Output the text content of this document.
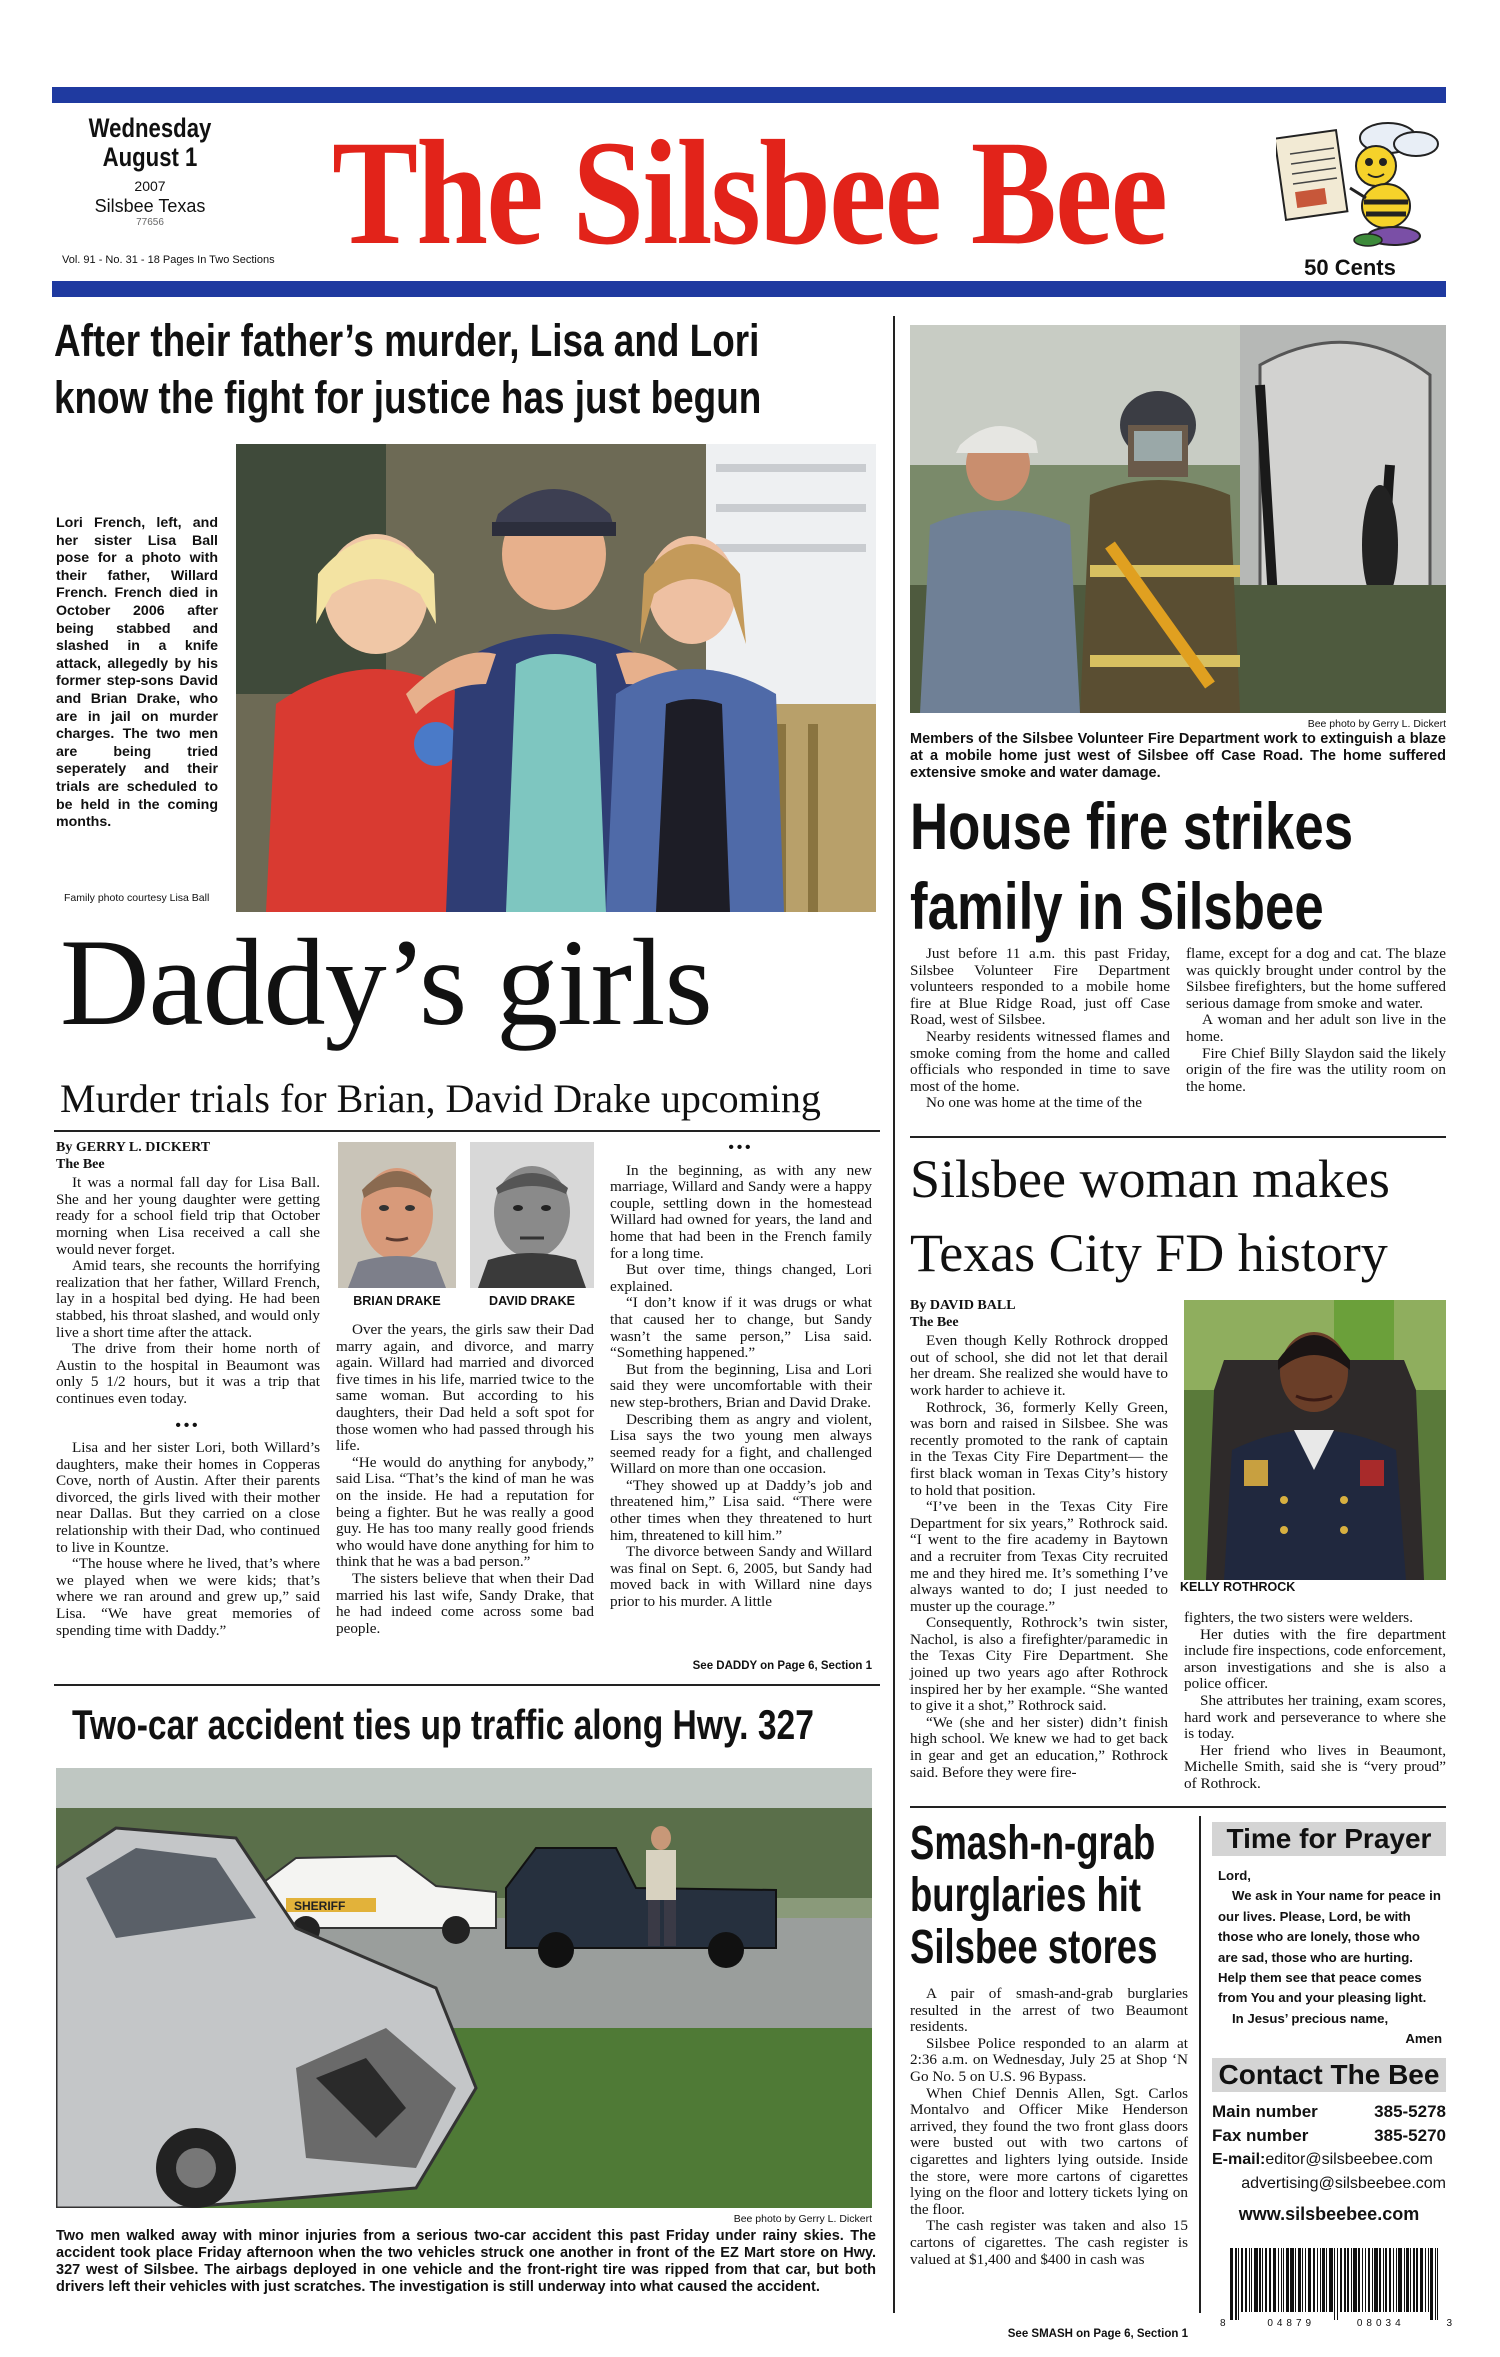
Wednesday
August 1
2007
Silsbee Texas
77656
Vol. 91 - No. 31 - 18 Pages In Two Sections The Silsbee Bee	50 Cents
After their father’s murder, Lisa and Lori
know the fight for justice has just begun
Lori French, left, and her sister Lisa Ball pose for a photo with their father, Willard French. French died in October 2006 after being stabbed and slashed in a knife attack, allegedly by his former step-sons David and Brian Drake, who are in jail on murder charges. The two men are being tried seperately and their trials are scheduled to be held in the coming months.
Family photo courtesy Lisa Ball
Daddy’s girls
Murder trials for Brian, David Drake upcoming

By GERRY L. DICKERT

The Bee

It was a normal fall day for Lisa Ball. She and her young daughter were getting ready for a school field trip that October morning when Lisa received a call she would never forget.

Amid tears, she recounts the horrifying realization that her father, Willard French, lay in a hospital bed dying. He had been stabbed, his throat slashed, and would only live a short time after the attack.

The drive from their home north of Austin to the hospital in Beaumont was only 5 1/2 hours, but it was a trip that continues even today.

•••

Lisa and her sister Lori, both Willard’s daughters, make their homes in Copperas Cove, north of Austin. After their parents divorced, the girls lived with their mother near Dallas. But they carried on a close relationship with their Dad, who continued to live in Kountze.

“The house where he lived, that’s where we played when we were kids; that’s where we ran around and grew up,” said Lisa. “We have great memories of spending time with Daddy.”

BRIAN DRAKE	DAVID DRAKE

Over the years, the girls saw their Dad marry again, and divorce, and marry again. Willard had married and divorced five times in his life, married twice to the same woman. But according to his daughters, their Dad held a soft spot for those women who had passed through his life.

“He would do anything for anybody,” said Lisa. “That’s the kind of man he was on the inside. He had a reputation for being a fighter. But he was really a good guy. He has too many really good friends who would have done anything for him to think that he was a bad person.”

The sisters believe that when their Dad married his last wife, Sandy Drake, that he had indeed come across some bad people.

•••

In the beginning, as with any new marriage, Willard and Sandy were a happy couple, settling down in the homestead Willard had owned for years, the land and home that had been in the French family for a long time.

But over time, things changed, Lori explained.

“I don’t know if it was drugs or what that caused her to change, but Sandy wasn’t the same person,” Lisa said. “Something happened.”

But from the beginning, Lisa and Lori said they were uncomfortable with their new step-brothers, Brian and David Drake.

Describing them as angry and violent, Lisa says the two young men always seemed ready for a fight, and challenged Willard on more than one occasion.

“They showed up at Daddy’s job and threatened him,” Lisa said. “There were other times when they threatened to hurt him, threatened to kill him.”

The divorce between Sandy and Willard was final on Sept. 6, 2005, but Sandy had moved back in with Willard nine days prior to his murder. A little

See DADDY on Page 6, Section 1
Two-car accident ties up traffic along Hwy. 327
SHERIFF
Bee photo by Gerry L. Dickert
Two men walked away with minor injuries from a serious two-car accident this past Friday under rainy skies. The accident took place Friday afternoon when the two vehicles struck one another in front of the EZ Mart store on Hwy. 327 west of Silsbee. The airbags deployed in one vehicle and the front-right tire was ripped from that car, but both drivers left their vehicles with just scratches. The investigation is still underway into what caused the accident.
Bee photo by Gerry L. Dickert
Members of the Silsbee Volunteer Fire Department work to extinguish a blaze at a mobile home just west of Silsbee off Case Road. The home suffered extensive smoke and water damage.
House fire strikes
family in Silsbee

Just before 11 a.m. this past Friday, Silsbee Volunteer Fire Department volunteers responded to a mobile home fire at Blue Ridge Road, just off Case Road, west of Silsbee.

Nearby residents witnessed flames and smoke coming from the home and called officials who responded in time to save most of the home.

No one was home at the time of the

flame, except for a dog and cat. The blaze was quickly brought under control by the Silsbee firefighters, but the home suffered serious damage from smoke and water.

A woman and her adult son live in the home.

Fire Chief Billy Slaydon said the likely origin of the fire was the utility room on the home.

Silsbee woman makes
Texas City FD history

By DAVID BALL

The Bee

Even though Kelly Rothrock dropped out of school, she did not let that derail her dream. She realized she would have to work harder to achieve it.

Rothrock, 36, formerly Kelly Green, was born and raised in Silsbee. She was recently promoted to the rank of captain in the Texas City Fire Department— the first black woman in Texas City’s history to hold that position.

“I’ve been in the Texas City Fire Department for six years,” Rothrock said. “I went to the fire academy in Baytown and a recruiter from Texas City recruited me and they hired me. It’s something I’ve always wanted to do; I just needed to muster up the courage.”

Consequently, Rothrock’s twin sister, Nachol, is also a firefighter/paramedic in the Texas City Fire Department. She joined up two years ago after Rothrock inspired her by her example. “She wanted to give it a shot,” Rothrock said.

“We (she and her sister) didn’t finish high school. We knew we had to get back in gear and get an education,” Rothrock said. Before they were fire-

KELLY ROTHROCK

fighters, the two sisters were welders.

Her duties with the fire department include fire inspections, code enforcement, arson investigations and she is also a police officer.

She attributes her training, exam scores, hard work and perseverance to where she is today.

Her friend who lives in Beaumont, Michelle Smith, said she is “very proud” of Rothrock.

Smash-n-grab
burglaries hit
Silsbee stores

A pair of smash-and-grab burglaries resulted in the arrest of two Beaumont residents.

Silsbee Police responded to an alarm at 2:36 a.m. on Wednesday, July 25 at Shop ‘N Go No. 5 on U.S. 96 Bypass.

When Chief Dennis Allen, Sgt. Carlos Montalvo and Officer Mike Henderson arrived, they found the two front glass doors were busted out with two cartons of cigarettes and lighters lying outside. Inside the store, were more cartons of cigarettes lying on the floor and lottery tickets lying on the floor.

The cash register was taken and also 15 cartons of cigarettes. The cash register is valued at $1,400 and $400 in cash was

See SMASH on Page 6, Section 1
Time for Prayer
Lord,
We ask in Your name for peace in our lives. Please, Lord, be with those who are lonely, those who are sad, those who are hurting. Help them see that peace comes from You and your pleasing light.
In Jesus’ precious name,
Amen
Contact The Bee
Main number	385-5278
Fax number	385-5270
E-mail:editor@silsbeebee.com
advertising@silsbeebee.com
www.silsbeebee.com
8	04879	08034	3
